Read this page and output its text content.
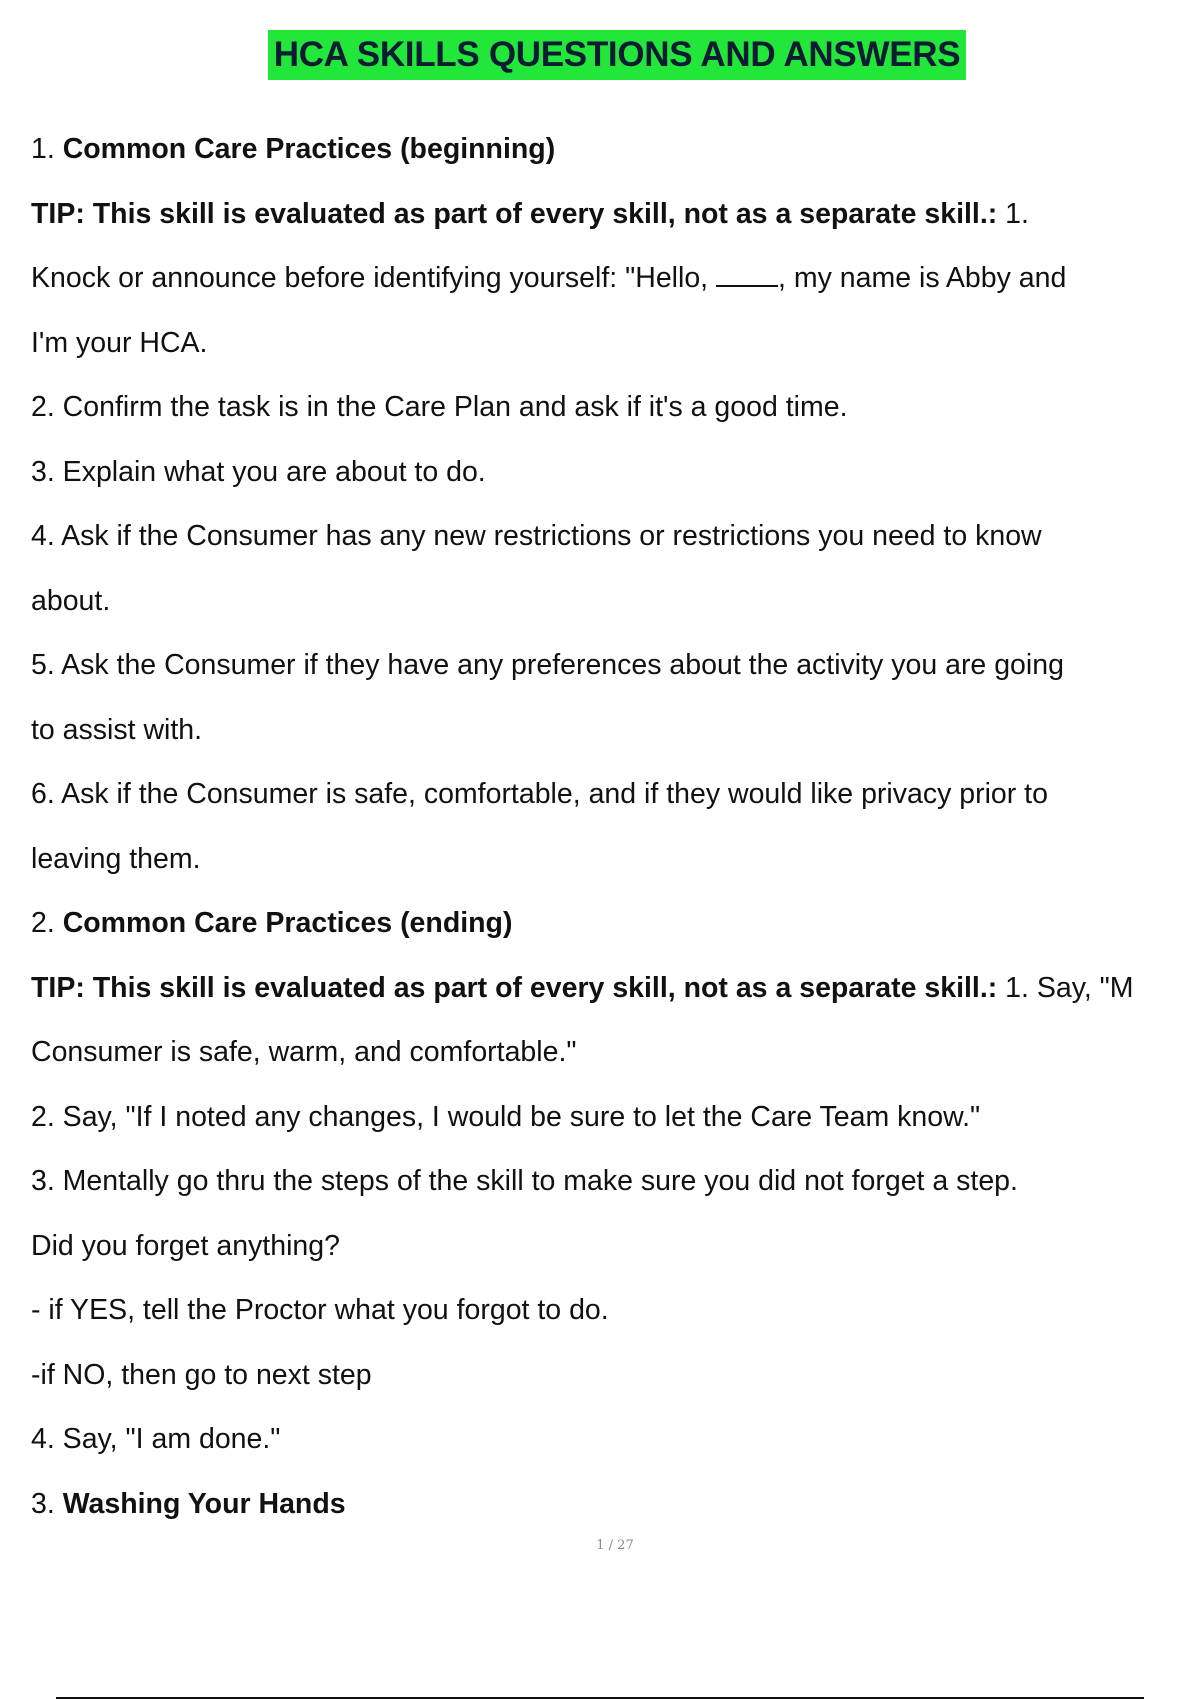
HCA SKILLS QUESTIONS AND ANSWERS
1. Common Care Practices (beginning)
TIP: This skill is evaluated as part of every skill, not as a separate skill.: 1.
Knock or announce before identifying yourself: "Hello, , my name is Abby and
I'm your HCA.
2. Confirm the task is in the Care Plan and ask if it's a good time.
3. Explain what you are about to do.
4. Ask if the Consumer has any new restrictions or restrictions you need to know
about.
5. Ask the Consumer if they have any preferences about the activity you are going
to assist with.
6. Ask if the Consumer is safe, comfortable, and if they would like privacy prior to
leaving them.
2. Common Care Practices (ending)
TIP: This skill is evaluated as part of every skill, not as a separate skill.: 1. Say, "M
Consumer is safe, warm, and comfortable."
2. Say, "If I noted any changes, I would be sure to let the Care Team know."
3. Mentally go thru the steps of the skill to make sure you did not forget a step.
Did you forget anything?
- if YES, tell the Proctor what you forgot to do.
-if NO, then go to next step
4. Say, "I am done."
3. Washing Your Hands
1 / 27
